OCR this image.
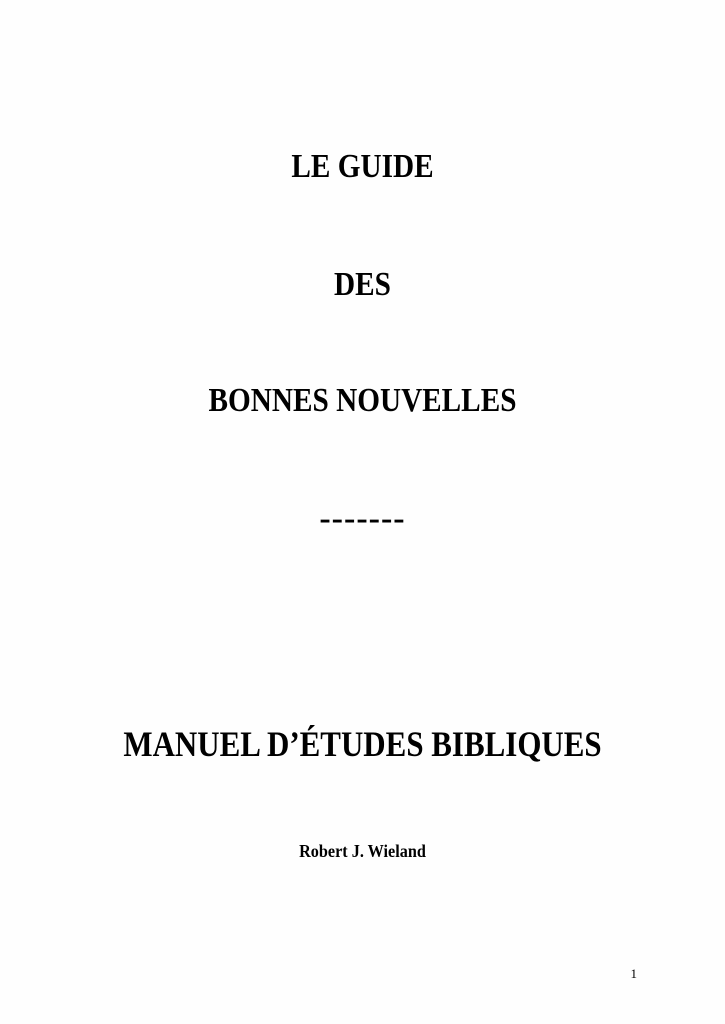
LE GUIDE
DES
BONNES NOUVELLES
-------
MANUEL D’ÉTUDES BIBLIQUES
Robert J. Wieland
1
